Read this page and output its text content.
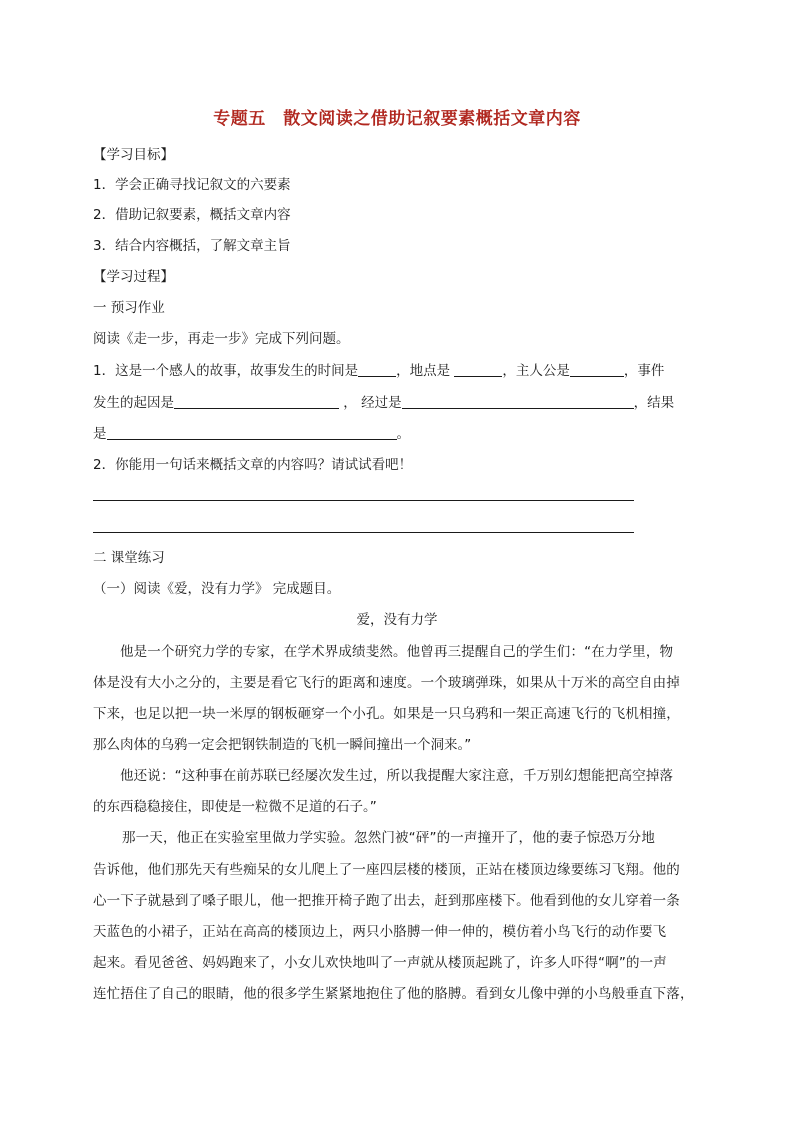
专题五　散文阅读之借助记叙要素概括文章内容
【学习目标】
1．学会正确寻找记叙文的六要素
2．借助记叙要素，概括文章内容
3．结合内容概括，了解文章主旨
【学习过程】
一 预习作业
阅读《走一步，再走一步》完成下列问题。
1．这是一个感人的故事，故事发生的时间是	，地点是	，主人公是	，事件
发生的起因是	， 经过是	，结果
是	。
2．你能用一句话来概括文章的内容吗？请试试看吧！
二 课堂练习
（一）阅读《爱，没有力学》 完成题目。
爱，没有力学
他是一个研究力学的专家，在学术界成绩斐然。他曾再三提醒自己的学生们：“在力学里，物
体是没有大小之分的，主要是看它飞行的距离和速度。一个玻璃弹珠，如果从十万米的高空自由掉
下来，也足以把一块一米厚的钢板砸穿一个小孔。如果是一只乌鸦和一架正高速飞行的飞机相撞，
那么肉体的乌鸦一定会把钢铁制造的飞机一瞬间撞出一个洞来。”
他还说：“这种事在前苏联已经屡次发生过，所以我提醒大家注意，千万别幻想能把高空掉落
的东西稳稳接住，即使是一粒微不足道的石子。”
那一天，他正在实验室里做力学实验。忽然门被“砰”的一声撞开了，他的妻子惊恐万分地
告诉他，他们那先天有些痴呆的女儿爬上了一座四层楼的楼顶，正站在楼顶边缘要练习飞翔。他的
心一下子就悬到了嗓子眼儿，他一把推开椅子跑了出去，赶到那座楼下。他看到他的女儿穿着一条
天蓝色的小裙子，正站在高高的楼顶边上，两只小胳膊一伸一伸的，模仿着小鸟飞行的动作要飞
起来。看见爸爸、妈妈跑来了，小女儿欢快地叫了一声就从楼顶起跳了，许多人吓得“啊”的一声
连忙捂住了自己的眼睛，他的很多学生紧紧地抱住了他的胳膊。看到女儿像中弹的小鸟般垂直下落，
